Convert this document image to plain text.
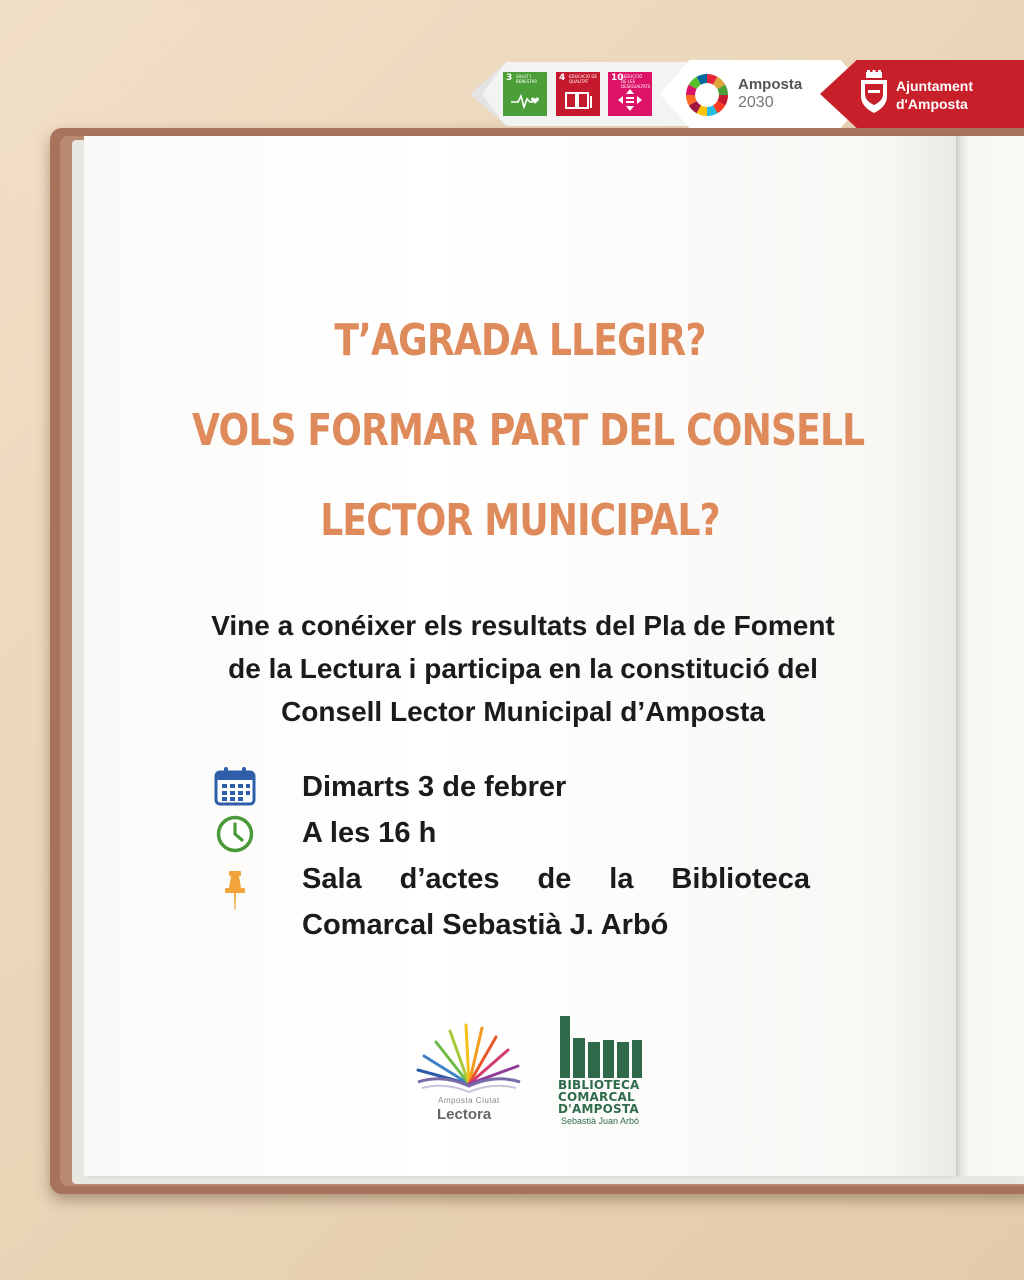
3 SALUT I BENESTAR	4 EDUCACIÓ DE QUALITAT	10
REDUCCIÓ DE LES DESIGUALTATS	Amposta
2030
Ajuntament
d'Amposta
T’AGRADA LLEGIR?
VOLS FORMAR PART DEL CONSELL
LECTOR MUNICIPAL?
Vine a conéixer els resultats del Pla de Foment
de la Lectura i participa en la constitució del
Consell Lector Municipal d’Amposta
Dimarts 3 de febrer
A les 16 h
Sala d’actes de la Biblioteca
Comarcal Sebastià J. Arbó
Amposta Ciutat
Lectora
BIBLIOTECA
COMARCAL
D'AMPOSTA
Sebastià Juan Arbó
